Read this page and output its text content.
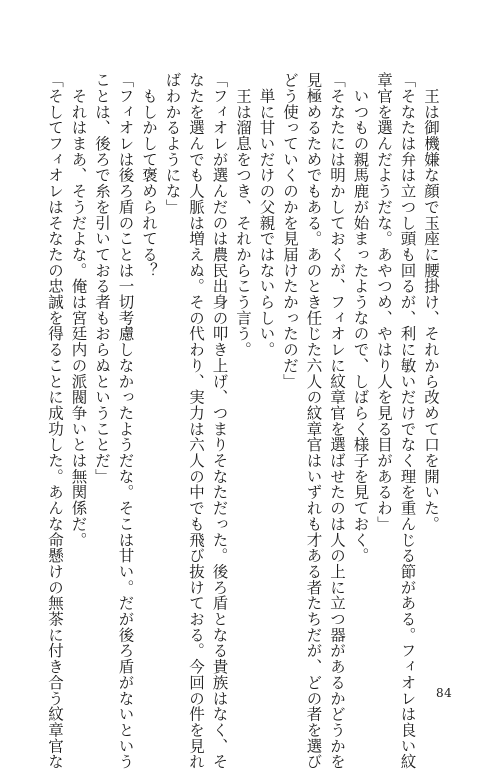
　王は御機嫌な顔で玉座に腰掛け、それから改めて口を開いた。
「そなたは弁は立つし頭も回るが、利に敏いだけでなく理を重んじる節がある。フィオレは良い紋
章官を選んだようだな。あやつめ、やはり人を見る目があるわ」
　いつもの親馬鹿が始まったようなので、しばらく様子を見ておく。
「そなたには明かしておくが、フィオレに紋章官を選ばせたのは人の上に立つ器があるかどうかを
見極めるためでもある。あのとき任じた六人の紋章官はいずれも才ある者たちだが、どの者を選び
どう使っていくのかを見届けたかったのだ」
　単に甘いだけの父親ではないらしい。
　王は溜息をつき、それからこう言う。
「フィオレが選んだのは農民出身の叩き上げ、つまりそなただった。後ろ盾となる貴族はなく、そ
なたを選んでも人脈は増えぬ。その代わり、実力は六人の中でも飛び抜けておる。今回の件を見れ
ばわかるようにな」
　もしかして褒められてる？
「フィオレは後ろ盾のことは一切考慮しなかったようだな。そこは甘い。だが後ろ盾がないという
ことは、後ろで糸を引いておる者もおらぬということだ」
　それはまあ、そうだよな。俺は宮廷内の派閥争いとは無関係だ。
「そしてフィオレはそなたの忠誠を得ることに成功した。あんな命懸けの無茶に付き合う紋章官な	84
